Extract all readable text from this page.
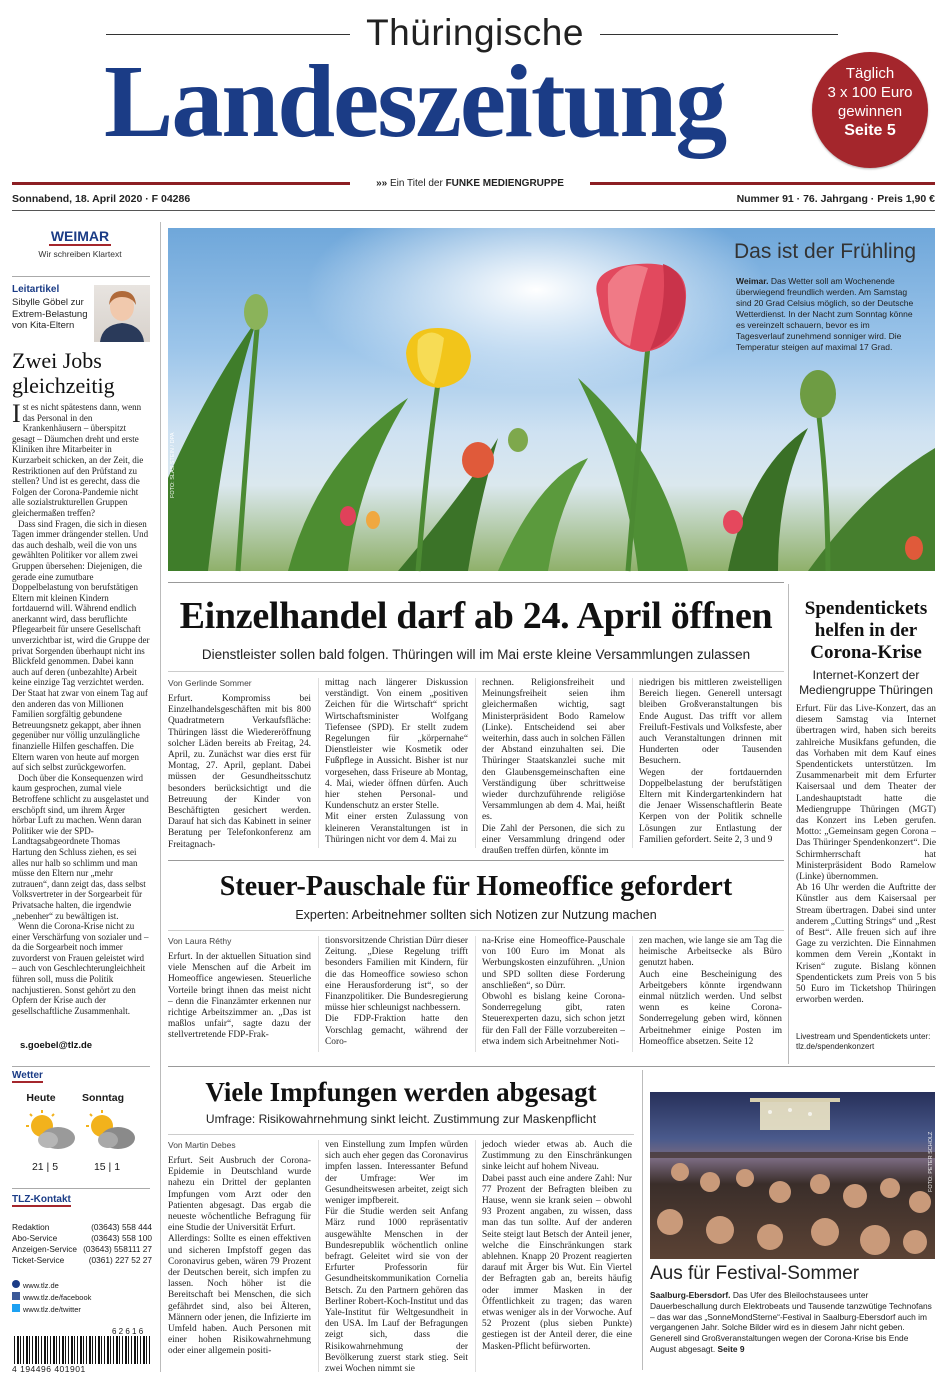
Thüringische
Landeszeitung	Täglich
3 x 100 Euro
gewinnen
Seite 5
»» Ein Titel der FUNKE MEDIENGRUPPE
Sonnabend, 18. April 2020 · F 04286	Nummer 91 · 76. Jahrgang · Preis 1,90 €
WEIMAR
Wir schreiben Klartext
Leitartikel
Sibylle Göbel zur Extrem-Belastung von Kita-Eltern
Zwei Jobs gleichzeitig
Ist es nicht spätestens dann, wenn das Personal in den Krankenhäusern – überspitzt gesagt – Däumchen dreht und erste Kliniken ihre Mitarbeiter in Kurzarbeit schicken, an der Zeit, die Restriktionen auf den Prüfstand zu stellen? Und ist es gerecht, dass die Folgen der Corona-Pandemie nicht alle sozialstrukturellen Gruppen gleichermaßen treffen?

Dass sind Fragen, die sich in diesen Tagen immer drängender stellen. Und das auch deshalb, weil die von uns gewählten Politiker vor allem zwei Gruppen übersehen: Diejenigen, die gerade eine zumutbare Doppelbelastung von berufstätigen Eltern mit kleinen Kindern fortdauernd will. Während endlich anerkannt wird, dass beruflichte Pflegearbeit für unsere Gesellschaft unverzichtbar ist, wird die Gruppe der privat Sorgenden überhaupt nicht ins Blickfeld genommen. Dabei kann auch auf deren (unbezahlte) Arbeit keine einzige Tag verzichtet werden. Der Staat hat zwar von einem Tag auf den anderen das von Millionen Familien sorgfältig gebundene Betreuungsnetz gekappt, aber ihnen gegenüber nur völlig unzulängliche finanzielle Hilfen geschaffen. Die Eltern waren von heute auf morgen auf sich selbst zurückgeworfen.

Doch über die Konsequenzen wird kaum gesprochen, zumal viele Betroffene schlicht zu ausgelastet und erschöpft sind, um ihrem Ärger hörbar Luft zu machen. Wenn daran Politiker wie der SPD-Landtagsabgeordnete Thomas Hartung den Schluss ziehen, es sei alles nur halb so schlimm und man müsse den Eltern nur „mehr zutrauen“, dann zeigt das, dass selbst Volksvertreter in der Sorgearbeit für Privatsache halten, die irgendwie „nebenher“ zu bewältigen ist.

Wenn die Corona-Krise nicht zu einer Verschärfung von sozialer und – da die Sorgearbeit noch immer zuvorderst von Frauen geleistet wird – auch von Geschlechterungleichheit führen soll, muss die Politik nachjustieren. Sonst gehört zu den Opfern der Krise auch der gesellschaftliche Zusammenhalt.

s.goebel@tlz.de
Wetter
Heute	Sonntag
21 | 5	15 | 1
TLZ-Kontakt
Redaktion	(03643) 558 444
Abo-Service	(03643) 558 100
Anzeigen-Service (03643) 558111 27
Ticket-Service	(0361) 227 52 27
www.tlz.de
www.tlz.de/facebook
www.tlz.de/twitter
6 2 6 1 6
4 194496 401901
FOTO: SLAS STEIN / DPA
Das ist der Frühling
Weimar. Das Wetter soll am Wochenende überwiegend freundlich werden. Am Samstag sind 20 Grad Celsius möglich, so der Deutsche Wetterdienst. In der Nacht zum Sonntag könne es vereinzelt schauern, bevor es im Tagesverlauf zunehmend sonniger wird. Die Temperatur steigen auf maximal 17 Grad.
Einzelhandel darf ab 24. April öffnen
Dienstleister sollen bald folgen. Thüringen will im Mai erste kleine Versammlungen zulassen
Von Gerlinde Sommer
Erfurt. Kompromiss bei Einzelhandelsgeschäften mit bis 800 Quadratmetern Verkaufsfläche: Thüringen lässt die Wiedereröffnung solcher Läden bereits ab Freitag, 24. April, zu. Zunächst war dies erst für Montag, 27. April, geplant. Dabei müssen der Gesundheitsschutz besonders berücksichtigt und die Betreuung der Kinder von Beschäftigten gesichert werden. Darauf hat sich das Kabinett in seiner Beratung per Telefonkonferenz am Freitagnach-
mittag nach längerer Diskussion verständigt. Von einem „positiven Zeichen für die Wirtschaft“ spricht Wirtschaftsminister Wolfgang Tiefensee (SPD). Er stellt zudem Regelungen für „körpernahe“ Dienstleister wie Kosmetik oder Fußpflege in Aussicht. Bisher ist nur vorgesehen, dass Friseure ab Montag, 4. Mai, wieder öffnen dürfen. Auch hier stehen Personal- und Kundenschutz an erster Stelle.
Mit einer ersten Zulassung von kleineren Veranstaltungen ist in Thüringen nicht vor dem 4. Mai zu
rechnen. Religionsfreiheit und Meinungsfreiheit seien ihm gleichermaßen wichtig, sagt Ministerpräsident Bodo Ramelow (Linke). Entscheidend sei aber weiterhin, dass auch in solchen Fällen der Abstand einzuhalten sei. Die Thüringer Staatskanzlei suche mit den Glaubensgemeinschaften eine Verständigung über schrittweise wieder durchzuführende religiöse Versammlungen ab dem 4. Mai, heißt es.
Die Zahl der Personen, die sich zu einer Versammlung dringend oder draußen treffen dürfen, könnte im
niedrigen bis mittleren zweistelligen Bereich liegen. Generell untersagt bleiben Großveranstaltungen bis Ende August. Das trifft vor allem Freiluft-Festivals und Volksfeste, aber auch Veranstaltungen drinnen mit Hunderten oder Tausenden Besuchern.
Wegen der fortdauernden Doppelbelastung der berufstätigen Eltern mit Kindergartenkindern hat die Jenaer Wissenschaftlerin Beate Kerpen von der Politik schnelle Lösungen zur Entlastung der Familien gefordert. Seite 2, 3 und 9
Spendentickets helfen in der Corona-Krise
Internet-Konzert der Mediengruppe Thüringen
Erfurt. Für das Live-Konzert, das an diesem Samstag via Internet übertragen wird, haben sich bereits zahlreiche Musikfans gefunden, die das Vorhaben mit dem Kauf eines Spendentickets unterstützen. Im Zusammenarbeit mit dem Erfurter Kaisersaal und dem Theater der Landeshauptstadt hatte die Mediengruppe Thüringen (MGT) das Konzert ins Leben gerufen. Motto: „Gemeinsam gegen Corona – Das Thüringer Spendenkonzert“. Die Schirmherrschaft hat Ministerpräsident Bodo Ramelow (Linke) übernommen.
Ab 16 Uhr werden die Auftritte der Künstler aus dem Kaisersaal per Stream übertragen. Dabei sind unter anderem „Cutting Strings“ und „Rest of Best“. Alle freuen sich auf ihre Gage zu verzichten. Die Einnahmen kommen dem Verein „Kontakt in Krisen“ zugute. Bislang können Spendentickets zum Preis von 5 bis 50 Euro im Ticketshop Thüringen erworben werden.
Livestream und Spendentickets unter: tlz.de/spendenkonzert
Steuer-Pauschale für Homeoffice gefordert
Experten: Arbeitnehmer sollten sich Notizen zur Nutzung machen
Von Laura Réthy
Erfurt. In der aktuellen Situation sind viele Menschen auf die Arbeit im Homeoffice angewiesen. Steuerliche Vorteile bringt ihnen das meist nicht – denn die Finanzämter erkennen nur richtige Arbeitszimmer an. „Das ist maßlos unfair“, sagte dazu der stellvertretende FDP-Frak-
tionsvorsitzende Christian Dürr dieser Zeitung. „Diese Regelung trifft besonders Familien mit Kindern, für die das Homeoffice sowieso schon eine Herausforderung ist“, so der Finanzpolitiker. Die Bundesregierung müsse hier schleunigst nachbessern.
Die FDP-Fraktion hatte den Vorschlag gemacht, während der Coro-
na-Krise eine Homeoffice-Pauschale von 100 Euro im Monat als Werbungskosten einzuführen. „Union und SPD sollten diese Forderung anschließen“, so Dürr.
Obwohl es bislang keine Corona-Sonderregelung gibt, raten Steuerexperten dazu, sich schon jetzt für den Fall der Fälle vorzubereiten – etwa indem sich Arbeitnehmer Noti-
zen machen, wie lange sie am Tag die heimische Arbeitsecke als Büro genutzt haben.
Auch eine Bescheinigung des Arbeitgebers könnte irgendwann einmal nützlich werden. Und selbst wenn es keine Corona-Sonderregelung geben wird, können Arbeitnehmer einige Posten im Homeoffice absetzen. Seite 12
Viele Impfungen werden abgesagt
Umfrage: Risikowahrnehmung sinkt leicht. Zustimmung zur Maskenpflicht
Von Martin Debes
Erfurt. Seit Ausbruch der Corona-Epidemie in Deutschland wurde nahezu ein Drittel der geplanten Impfungen vom Arzt oder den Patienten abgesagt. Das ergab die neueste wöchentliche Befragung für eine Studie der Universität Erfurt.
Allerdings: Sollte es einen effektiven und sicheren Impfstoff gegen das Coronavirus geben, wären 79 Prozent der Deutschen bereit, sich impfen zu lassen. Noch höher ist die Bereitschaft bei Menschen, die sich gefährdet sind, also bei Älteren, Männern oder jenen, die Infizierte im Umfeld haben. Auch Personen mit einer hohen Risikowahrnehmung oder einer allgemein positi-
ven Einstellung zum Impfen würden sich auch eher gegen das Coronavirus impfen lassen. Interessanter Befund der Umfrage: Wer im Gesundheitswesen arbeitet, zeigt sich weniger impfbereit.
Für die Studie werden seit Anfang März rund 1000 repräsentativ ausgewählte Menschen in der Bundesrepublik wöchentlich online befragt. Geleitet wird sie von der Erfurter Professorin für Gesundheitskommunikation Cornelia Betsch. Zu den Partnern gehören das Berliner Robert-Koch-Institut und das Yale-Institut für Weltgesundheit in den USA. Im Lauf der Befragungen zeigt sich, dass die Risikowahrnehmung der Bevölkerung zuerst stark stieg. Seit zwei Wochen nimmt sie
jedoch wieder etwas ab. Auch die Zustimmung zu den Einschränkungen sinke leicht auf hohem Niveau.
Dabei passt auch eine andere Zahl: Nur 77 Prozent der Befragten bleiben zu Hause, wenn sie krank seien – obwohl 93 Prozent angaben, zu wissen, dass man das tun sollte. Auf der anderen Seite steigt laut Betsch der Anteil jener, welche die Einschränkungen stark ablehnen. Knapp 20 Prozent reagierten darauf mit Ärger bis Wut. Ein Viertel der Befragten gab an, bereits häufig oder immer Masken in der Öffentlichkeit zu tragen; das waren etwas weniger als in der Vorwoche. Auf 52 Prozent (plus sieben Punkte) gestiegen ist der Anteil derer, die eine Masken-Pflicht befürworten.
FOTO: PETER SCHOLZ
Aus für Festival-Sommer
Saalburg-Ebersdorf. Das Ufer des Bleilochstausees unter Dauerbeschallung durch Elektrobeats und Tausende tanzwütige Technofans – das war das „SonneMondSterne“-Festival in Saalburg-Ebersdorf auch im vergangenen Jahr. Solche Bilder wird es in diesem Jahr nicht geben. Generell sind Großveranstaltungen wegen der Corona-Krise bis Ende August abgesagt. Seite 9
